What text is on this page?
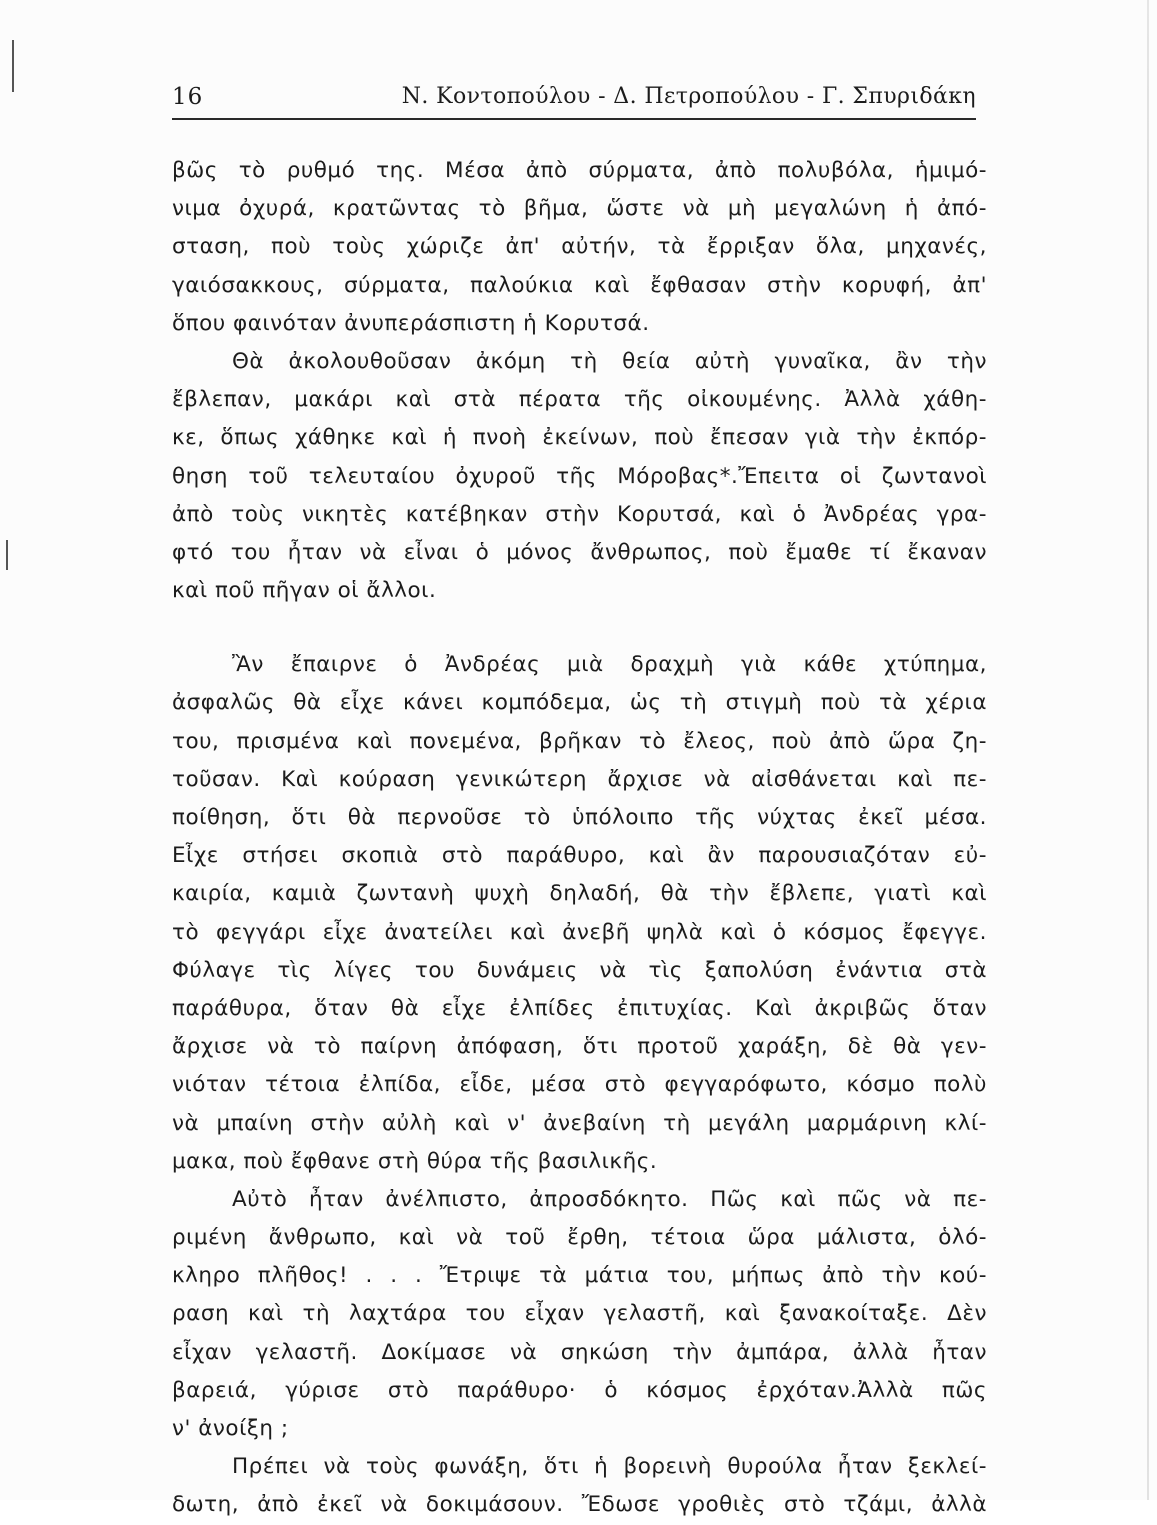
16	Ν. Κοντοπούλου - Δ. Πετροπούλου - Γ. Σπυριδάκη
βῶς τὸ ρυθμό της. Μέσα ἀπὸ σύρματα, ἀπὸ πολυβόλα, ἡμιμό-
νιμα ὀχυρά, κρατῶντας τὸ βῆμα, ὥστε νὰ μὴ μεγαλώνη ἡ ἀπό-
σταση, ποὺ τοὺς χώριζε ἀπ' αὐτήν, τὰ ἔρριξαν ὅλα, μηχανές,
γαιόσακκους, σύρματα, παλούκια καὶ ἔφθασαν στὴν κορυφή, ἀπ'
ὅπου φαινόταν ἀνυπεράσπιστη ἡ Κορυτσά.
Θὰ ἀκολουθοῦσαν ἀκόμη τὴ θεία αὐτὴ γυναῖκα, ἂν τὴν
ἔβλεπαν, μακάρι καὶ στὰ πέρατα τῆς οἰκουμένης. Ἀλλὰ χάθη-
κε, ὅπως χάθηκε καὶ ἡ πνοὴ ἐκείνων, ποὺ ἔπεσαν γιὰ τὴν ἐκπόρ-
θηση τοῦ τελευταίου ὀχυροῦ τῆς Μόροβας*.Ἔπειτα οἱ ζωντανοὶ
ἀπὸ τοὺς νικητὲς κατέβηκαν στὴν Κορυτσά, καὶ ὁ Ἀνδρέας γρα-
φτό του ἦταν νὰ εἶναι ὁ μόνος ἄνθρωπος, ποὺ ἔμαθε τί ἔκαναν
καὶ ποῦ πῆγαν οἱ ἄλλοι.
Ἂν ἔπαιρνε ὁ Ἀνδρέας μιὰ δραχμὴ γιὰ κάθε χτύπημα,
ἀσφαλῶς θὰ εἶχε κάνει κομπόδεμα, ὡς τὴ στιγμὴ ποὺ τὰ χέρια
του, πρισμένα καὶ πονεμένα, βρῆκαν τὸ ἔλεος, ποὺ ἀπὸ ὥρα ζη-
τοῦσαν. Καὶ κούραση γενικώτερη ἄρχισε νὰ αἰσθάνεται καὶ πε-
ποίθηση, ὅτι θὰ περνοῦσε τὸ ὑπόλοιπο τῆς νύχτας ἐκεῖ μέσα.
Εἶχε στήσει σκοπιὰ στὸ παράθυρο, καὶ ἂν παρουσιαζόταν εὐ-
καιρία, καμιὰ ζωντανὴ ψυχὴ δηλαδή, θὰ τὴν ἔβλεπε, γιατὶ καὶ
τὸ φεγγάρι εἶχε ἀνατείλει καὶ ἀνεβῆ ψηλὰ καὶ ὁ κόσμος ἔφεγγε.
Φύλαγε τὶς λίγες του δυνάμεις νὰ τὶς ξαπολύση ἐνάντια στὰ
παράθυρα, ὅταν θὰ εἶχε ἐλπίδες ἐπιτυχίας. Καὶ ἀκριβῶς ὅταν
ἄρχισε νὰ τὸ παίρνη ἀπόφαση, ὅτι προτοῦ χαράξη, δὲ θὰ γεν-
νιόταν τέτοια ἐλπίδα, εἶδε, μέσα στὸ φεγγαρόφωτο, κόσμο πολὺ
νὰ μπαίνη στὴν αὐλὴ καὶ ν' ἀνεβαίνη τὴ μεγάλη μαρμάρινη κλί-
μακα, ποὺ ἔφθανε στὴ θύρα τῆς βασιλικῆς.
Αὐτὸ ἦταν ἀνέλπιστο, ἀπροσδόκητο. Πῶς καὶ πῶς νὰ πε-
ριμένη ἄνθρωπο, καὶ νὰ τοῦ ἔρθη, τέτοια ὥρα μάλιστα, ὁλό-
κληρο πλῆθος! . . . Ἔτριψε τὰ μάτια του, μήπως ἀπὸ τὴν κού-
ραση καὶ τὴ λαχτάρα του εἶχαν γελαστῆ, καὶ ξανακοίταξε. Δὲν
εἶχαν γελαστῆ. Δοκίμασε νὰ σηκώση τὴν ἀμπάρα, ἀλλὰ ἦταν
βαρειά, γύρισε στὸ παράθυρο· ὁ κόσμος ἐρχόταν.Ἀλλὰ πῶς
ν' ἀνοίξη ;
Πρέπει νὰ τοὺς φωνάξη, ὅτι ἡ βορεινὴ θυρούλα ἦταν ξεκλεί-
δωτη, ἀπὸ ἐκεῖ νὰ δοκιμάσουν. Ἔδωσε γροθιὲς στὸ τζάμι, ἀλλὰ
